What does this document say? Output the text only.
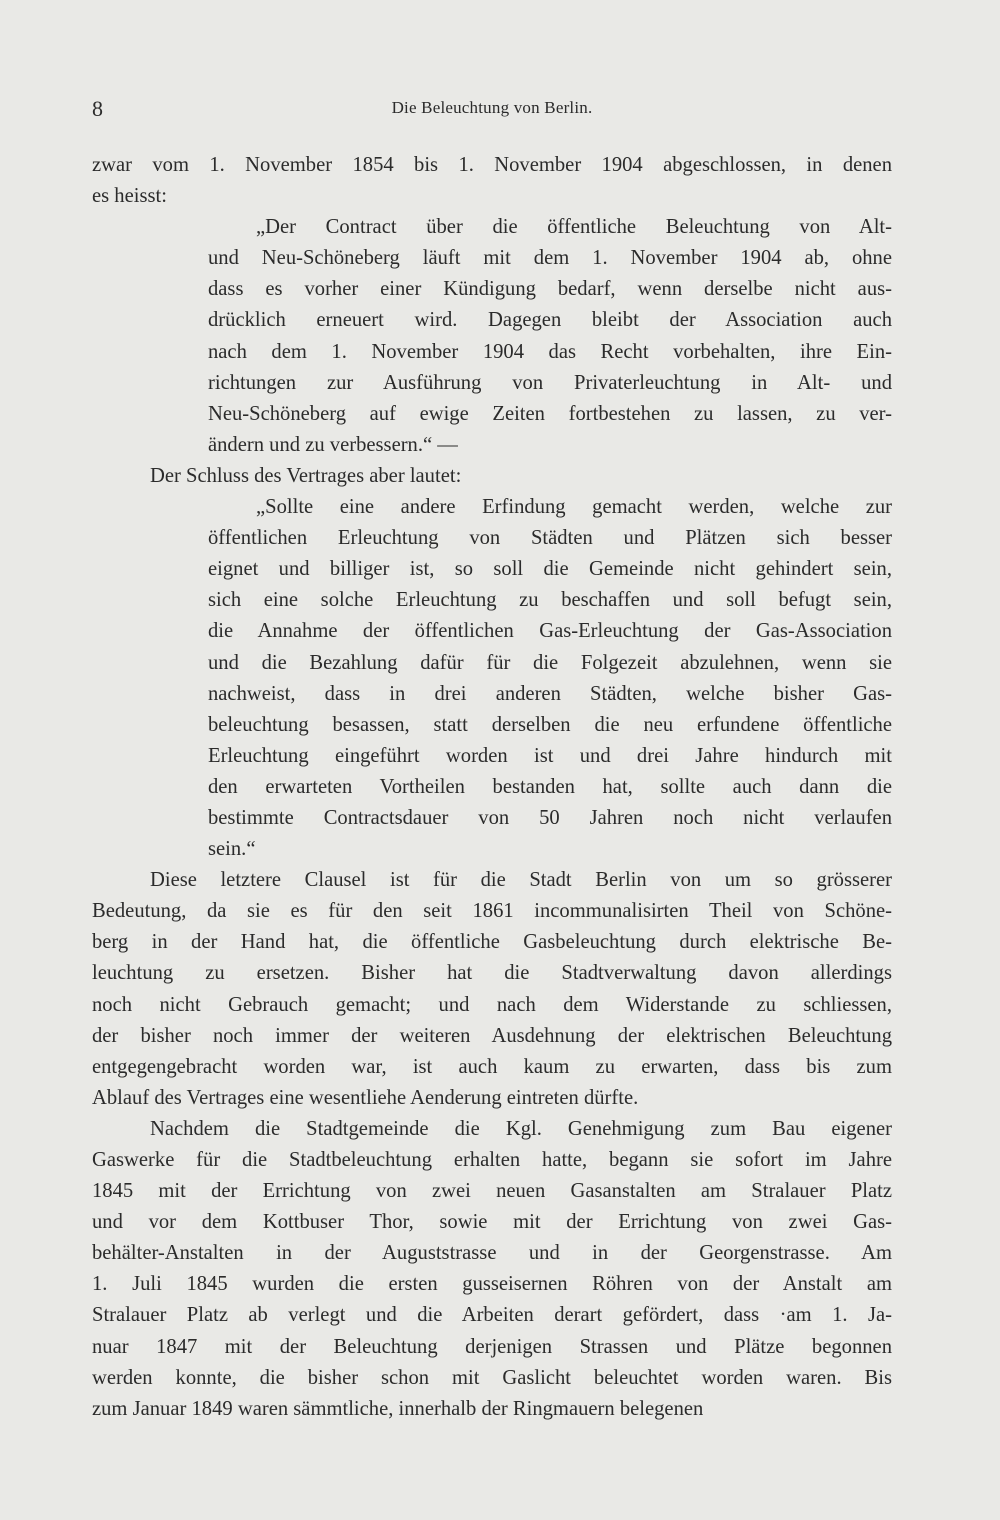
8	Die Beleuchtung von Berlin.

zwar vom 1. November 1854 bis 1. November 1904 abgeschlossen, in denen
es heisst:

„Der Contract über die öffentliche Beleuchtung von Alt-
und Neu-Schöneberg läuft mit dem 1. November 1904 ab, ohne
dass es vorher einer Kündigung bedarf, wenn derselbe nicht aus-
drücklich erneuert wird. Dagegen bleibt der Association auch
nach dem 1. November 1904 das Recht vorbehalten, ihre Ein-
richtungen zur Ausführung von Privaterleuchtung in Alt- und
Neu-Schöneberg auf ewige Zeiten fortbestehen zu lassen, zu ver-
ändern und zu verbessern.“ —

Der Schluss des Vertrages aber lautet:

„Sollte eine andere Erfindung gemacht werden, welche zur
öffentlichen Erleuchtung von Städten und Plätzen sich besser
eignet und billiger ist, so soll die Gemeinde nicht gehindert sein,
sich eine solche Erleuchtung zu beschaffen und soll befugt sein,
die Annahme der öffentlichen Gas-Erleuchtung der Gas-Association
und die Bezahlung dafür für die Folgezeit abzulehnen, wenn sie
nachweist, dass in drei anderen Städten, welche bisher Gas-
beleuchtung besassen, statt derselben die neu erfundene öffentliche
Erleuchtung eingeführt worden ist und drei Jahre hindurch mit
den erwarteten Vortheilen bestanden hat, sollte auch dann die
bestimmte Contractsdauer von 50 Jahren noch nicht verlaufen
sein.“

Diese letztere Clausel ist für die Stadt Berlin von um so grösserer
Bedeutung, da sie es für den seit 1861 incommunalisirten Theil von Schöne-
berg in der Hand hat, die öffentliche Gasbeleuchtung durch elektrische Be-
leuchtung zu ersetzen. Bisher hat die Stadtverwaltung davon allerdings
noch nicht Gebrauch gemacht; und nach dem Widerstande zu schliessen,
der bisher noch immer der weiteren Ausdehnung der elektrischen Beleuchtung
entgegengebracht worden war, ist auch kaum zu erwarten, dass bis zum
Ablauf des Vertrages eine wesentliehe Aenderung eintreten dürfte.

Nachdem die Stadtgemeinde die Kgl. Genehmigung zum Bau eigener
Gaswerke für die Stadtbeleuchtung erhalten hatte, begann sie sofort im Jahre
1845 mit der Errichtung von zwei neuen Gasanstalten am Stralauer Platz
und vor dem Kottbuser Thor, sowie mit der Errichtung von zwei Gas-
behälter-Anstalten in der Auguststrasse und in der Georgenstrasse. Am
1. Juli 1845 wurden die ersten gusseisernen Röhren von der Anstalt am
Stralauer Platz ab verlegt und die Arbeiten derart gefördert, dass ·am 1. Ja-
nuar 1847 mit der Beleuchtung derjenigen Strassen und Plätze begonnen
werden konnte, die bisher schon mit Gaslicht beleuchtet worden waren. Bis
zum Januar 1849 waren sämmtliche, innerhalb der Ringmauern belegenen
